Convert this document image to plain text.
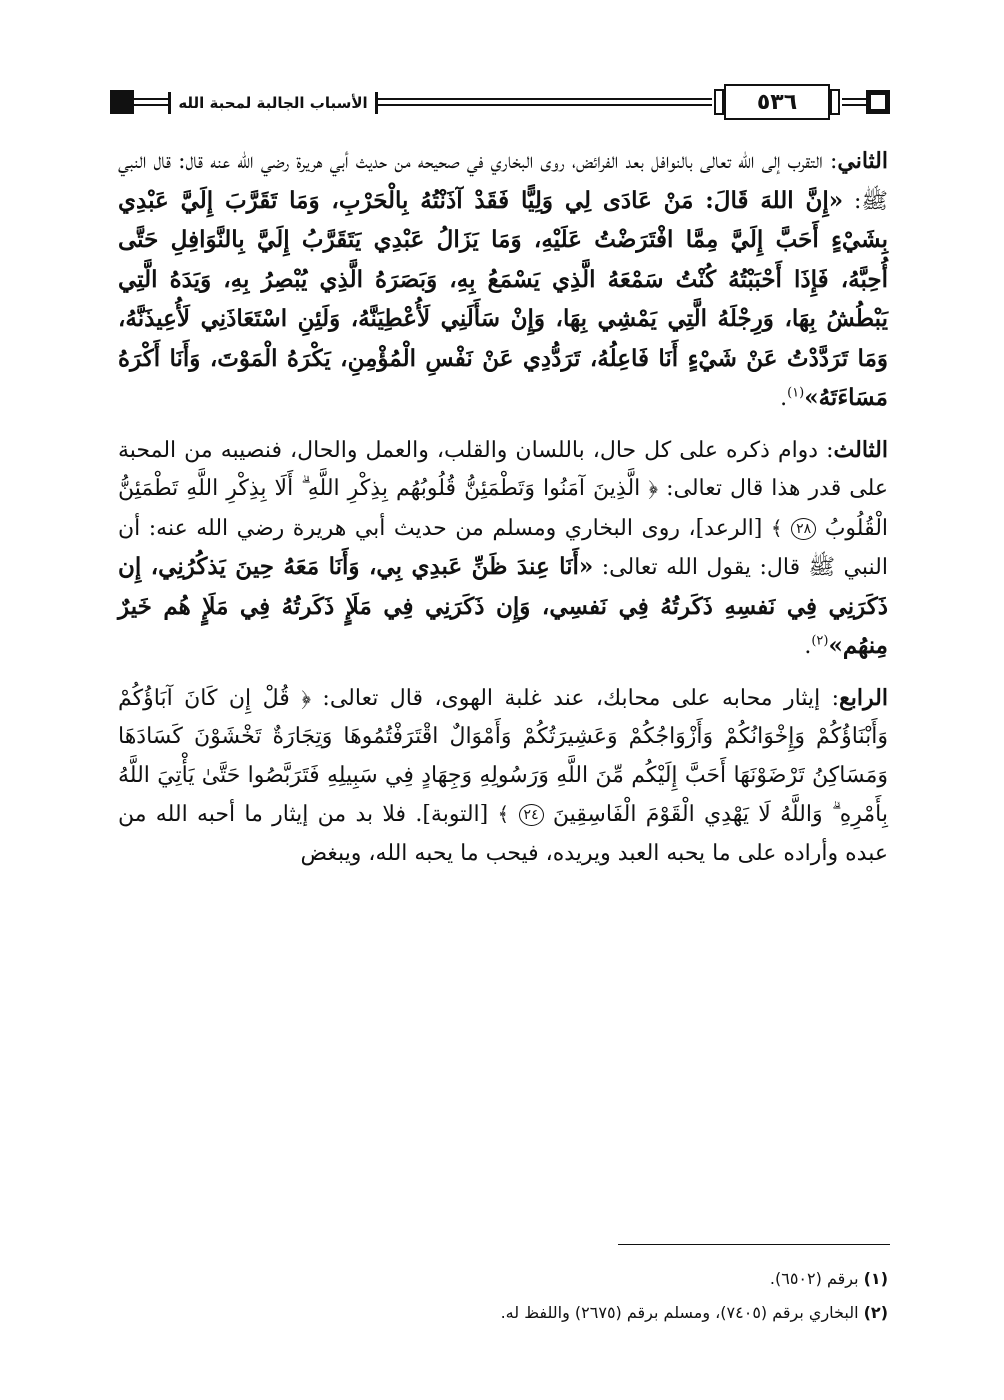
الأسباب الجالبة لمحبة الله	٥٣٦

الثاني: التقرب إلى الله تعالى بالنوافل بعد الفرائض، روى البخاري في صحيحه من حديث أبي هريرة رضي الله عنه قال: قال النبي ﷺ: «إِنَّ اللهَ قَالَ: مَنْ عَادَى لِي وَلِيًّا فَقَدْ آذَنْتُهُ بِالْحَرْبِ، وَمَا تَقَرَّبَ إِلَيَّ عَبْدِي بِشَيْءٍ أَحَبَّ إِلَيَّ مِمَّا افْتَرَضْتُ عَلَيْهِ، وَمَا يَزَالُ عَبْدِي يَتَقَرَّبُ إِلَيَّ بِالنَّوَافِلِ حَتَّى أُحِبَّهُ، فَإِذَا أَحْبَبْتُهُ كُنْتُ سَمْعَهُ الَّذِي يَسْمَعُ بِهِ، وَبَصَرَهُ الَّذِي يُبْصِرُ بِهِ، وَيَدَهُ الَّتِي يَبْطُشُ بِهَا، وَرِجْلَهُ الَّتِي يَمْشِي بِهَا، وَإِنْ سَأَلَنِي لَأُعْطِيَنَّهُ، وَلَئِنِ اسْتَعَاذَنِي لَأُعِيذَنَّهُ، وَمَا تَرَدَّدْتُ عَنْ شَيْءٍ أَنَا فَاعِلُهُ، تَرَدُّدِي عَنْ نَفْسِ الْمُؤْمِنِ، يَكْرَهُ الْمَوْتَ، وَأَنَا أَكْرَهُ مَسَاءَتَهُ»$^{(١)}$.

الثالث: دوام ذكره على كل حال، باللسان والقلب، والعمل والحال، فنصيبه من المحبة على قدر هذا قال تعالى: ﴿ الَّذِينَ آمَنُوا وَتَطْمَئِنُّ قُلُوبُهُم بِذِكْرِ اللَّهِ ۗ أَلَا بِذِكْرِ اللَّهِ تَطْمَئِنُّ الْقُلُوبُ ٢٨ ﴾ [الرعد]، روى البخاري ومسلم من حديث أبي هريرة رضي الله عنه: أن النبي ﷺ قال: يقول الله تعالى: «أَنَا عِندَ ظَنِّ عَبدِي بِي، وَأَنَا مَعَهُ حِينَ يَذكُرُنِي، إِن ذَكَرَنِي فِي نَفسِهِ ذَكَرتُهُ فِي نَفسِي، وَإِن ذَكَرَنِي فِي مَلَإٍ ذَكَرتُهُ فِي مَلَإٍ هُم خَيرٌ مِنهُم»$^{(٢)}$.

الرابع: إيثار محابه على محابك، عند غلبة الهوى، قال تعالى: ﴿ قُلْ إِن كَانَ آبَاؤُكُمْ وَأَبْنَاؤُكُمْ وَإِخْوَانُكُمْ وَأَزْوَاجُكُمْ وَعَشِيرَتُكُمْ وَأَمْوَالٌ اقْتَرَفْتُمُوهَا وَتِجَارَةٌ تَخْشَوْنَ كَسَادَهَا وَمَسَاكِنُ تَرْضَوْنَهَا أَحَبَّ إِلَيْكُم مِّنَ اللَّهِ وَرَسُولِهِ وَجِهَادٍ فِي سَبِيلِهِ فَتَرَبَّصُوا حَتَّىٰ يَأْتِيَ اللَّهُ بِأَمْرِهِ ۗ وَاللَّهُ لَا يَهْدِي الْقَوْمَ الْفَاسِقِينَ ٢٤ ﴾ [التوبة]. فلا بد من إيثار ما أحبه الله من عبده وأراده على ما يحبه العبد ويريده، فيحب ما يحبه الله، ويبغض

(١) برقم (٦٥٠٢).
(٢) البخاري برقم (٧٤٠٥)، ومسلم برقم (٢٦٧٥) واللفظ له.
